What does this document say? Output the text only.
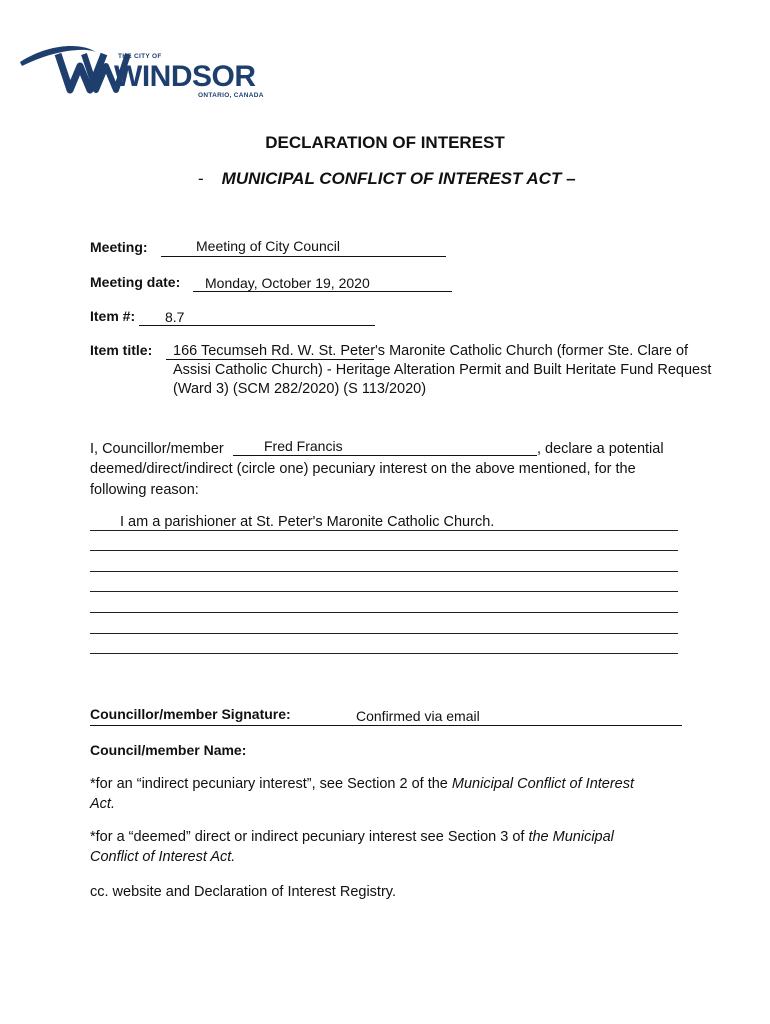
THE CITY OF
WINDSOR
ONTARIO, CANADA
DECLARATION OF INTEREST
- MUNICIPAL CONFLICT OF INTEREST ACT –
Meeting:	Meeting of City Council
Meeting date: Monday, October 19, 2020
Item #: 8.7
Item title: 166 Tecumseh Rd. W. St. Peter's Maronite Catholic Church (former Ste. Clare of
Assisi Catholic Church) - Heritage Alteration Permit and Built Heritate Fund Request
(Ward 3) (SCM 282/2020) (S 113/2020)
I, Councillor/member	Fred Francis	, declare a potential
deemed/direct/indirect (circle one) pecuniary interest on the above mentioned, for the
following reason:
I am a parishioner at St. Peter's Maronite Catholic Church.
Councillor/member Signature:	Confirmed via email
Council/member Name:
*for an “indirect pecuniary interest”, see Section 2 of the Municipal Conflict of Interest
Act.
*for a “deemed” direct or indirect pecuniary interest see Section 3 of the Municipal
Conflict of Interest Act.
cc. website and Declaration of Interest Registry.
